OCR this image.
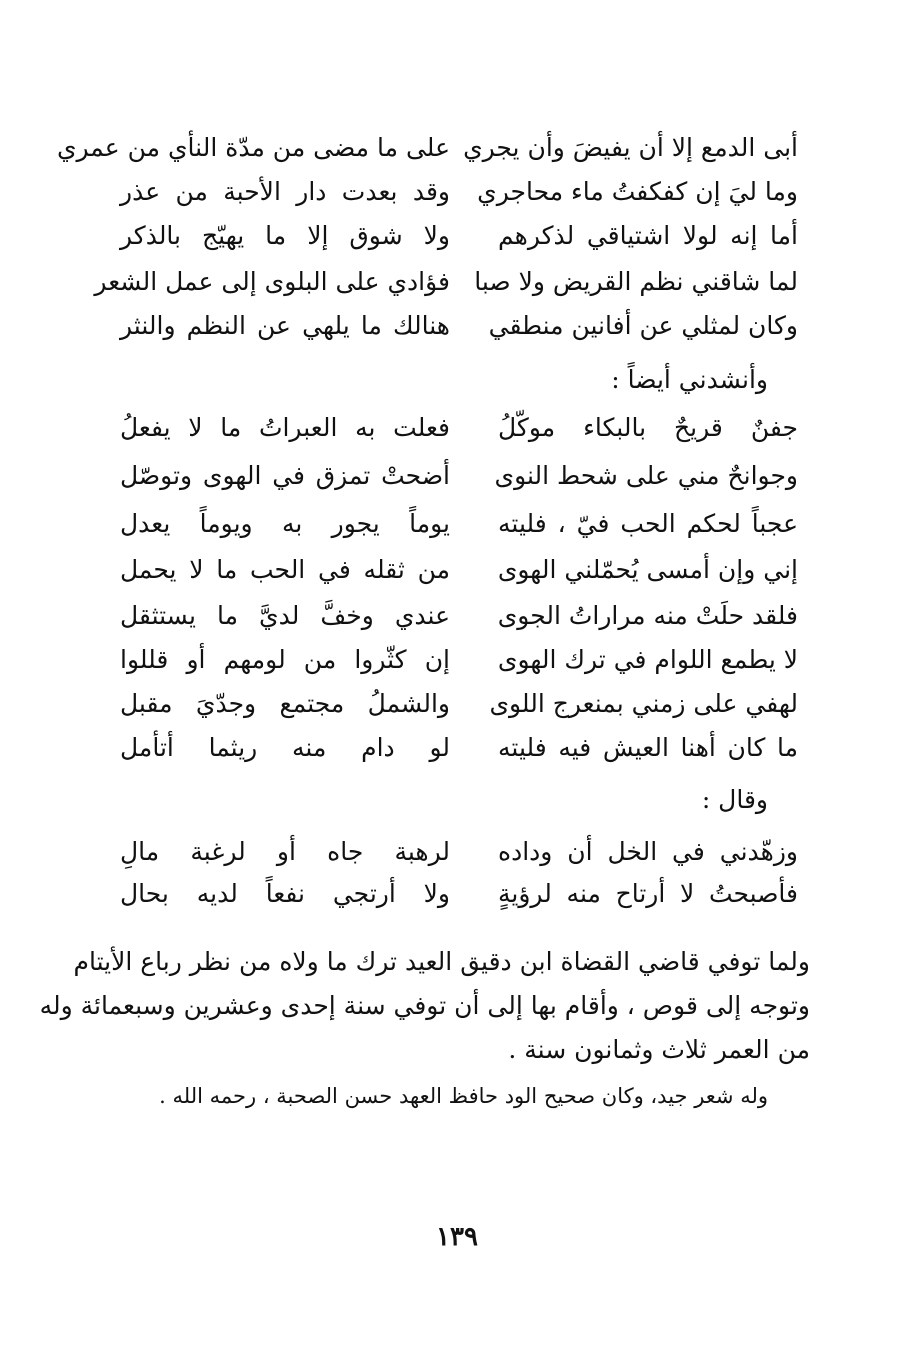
أبى الدمع إلا أن يفيضَ وأن يجري
على ما مضى من مدّة النأي من عمري
وما ليَ إن كفكفتُ ماء محاجري
وقد بعدت دار الأحبة من عذر
أما إنه لولا اشتياقي لذكرهم
ولا شوق إلا ما يهيّج بالذكر
لما شاقني نظم القريض ولا صبا
فؤادي على البلوى إلى عمل الشعر
وكان لمثلي عن أفانين منطقي
هنالك ما يلهي عن النظم والنثر
وأنشدني أيضاً :
جفنٌ قريحٌ بالبكاء موكّلُ
فعلت به العبراتُ ما لا يفعلُ
وجوانحٌ مني على شحط النوى
أضحتْ تمزق في الهوى وتوصّل
عجباً لحكم الحب فيّ ، فليته
يوماً يجور به ويوماً يعدل
إني وإن أمسى يُحمّلني الهوى
من ثقله في الحب ما لا يحمل
فلقد حلَتْ منه مراراتُ الجوى
عندي وخفَّ لديَّ ما يستثقل
لا يطمع اللوام في ترك الهوى
إن كثّروا من لومهم أو قللوا
لهفي على زمني بمنعرج اللوى
والشملُ مجتمع وجدّيَ مقبل
ما كان أهنا العيش فيه فليته
لو دام منه ريثما أتأمل
وقال :
وزهّدني في الخل أن وداده
لرهبة جاه أو لرغبة مالِ
فأصبحتُ لا أرتاح منه لرؤيةٍ
ولا أرتجي نفعاً لديه بحال
ولما توفي قاضي القضاة ابن دقيق العيد ترك ما ولاه من نظر رباع الأيتام
وتوجه إلى قوص ، وأقام بها إلى أن توفي سنة إحدى وعشرين وسبعمائة وله
من العمر ثلاث وثمانون سنة .
وله شعر جيد، وكان صحيح الود حافظ العهد حسن الصحبة ، رحمه الله .
١٣٩
